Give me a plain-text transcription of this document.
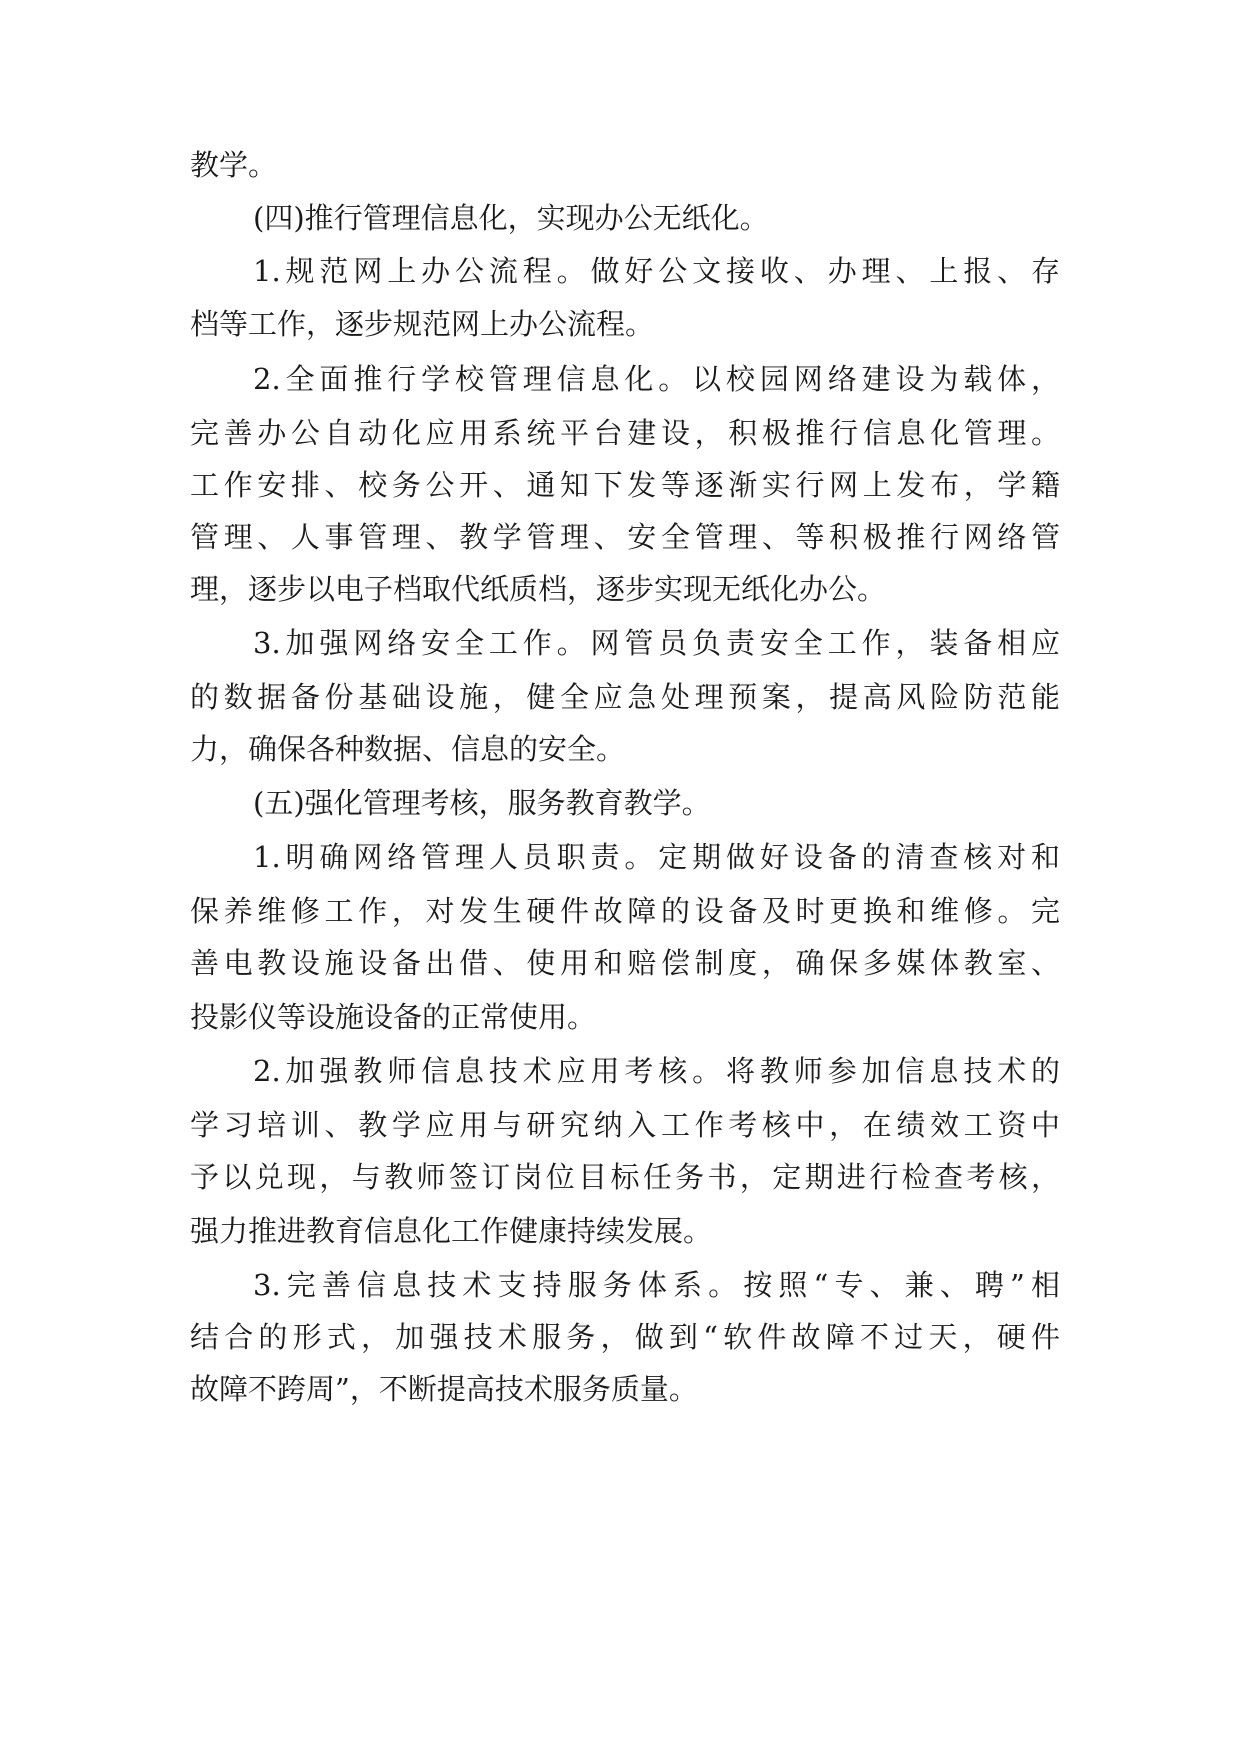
教学。
(四)推行管理信息化，实现办公无纸化。
1.规范网上办公流程。做好公文接收、办理、上报、存
档等工作，逐步规范网上办公流程。
2.全面推行学校管理信息化。以校园网络建设为载体，
完善办公自动化应用系统平台建设，积极推行信息化管理。
工作安排、校务公开、通知下发等逐渐实行网上发布，学籍
管理、人事管理、教学管理、安全管理、等积极推行网络管
理，逐步以电子档取代纸质档，逐步实现无纸化办公。
3.加强网络安全工作。网管员负责安全工作，装备相应
的数据备份基础设施，健全应急处理预案，提高风险防范能
力，确保各种数据、信息的安全。
(五)强化管理考核，服务教育教学。
1.明确网络管理人员职责。定期做好设备的清查核对和
保养维修工作，对发生硬件故障的设备及时更换和维修。完
善电教设施设备出借、使用和赔偿制度，确保多媒体教室、
投影仪等设施设备的正常使用。
2.加强教师信息技术应用考核。将教师参加信息技术的
学习培训、教学应用与研究纳入工作考核中，在绩效工资中
予以兑现，与教师签订岗位目标任务书，定期进行检查考核，
强力推进教育信息化工作健康持续发展。
3.完善信息技术支持服务体系。按照“专、兼、聘”相
结合的形式，加强技术服务，做到“软件故障不过天，硬件
故障不跨周”，不断提高技术服务质量。
